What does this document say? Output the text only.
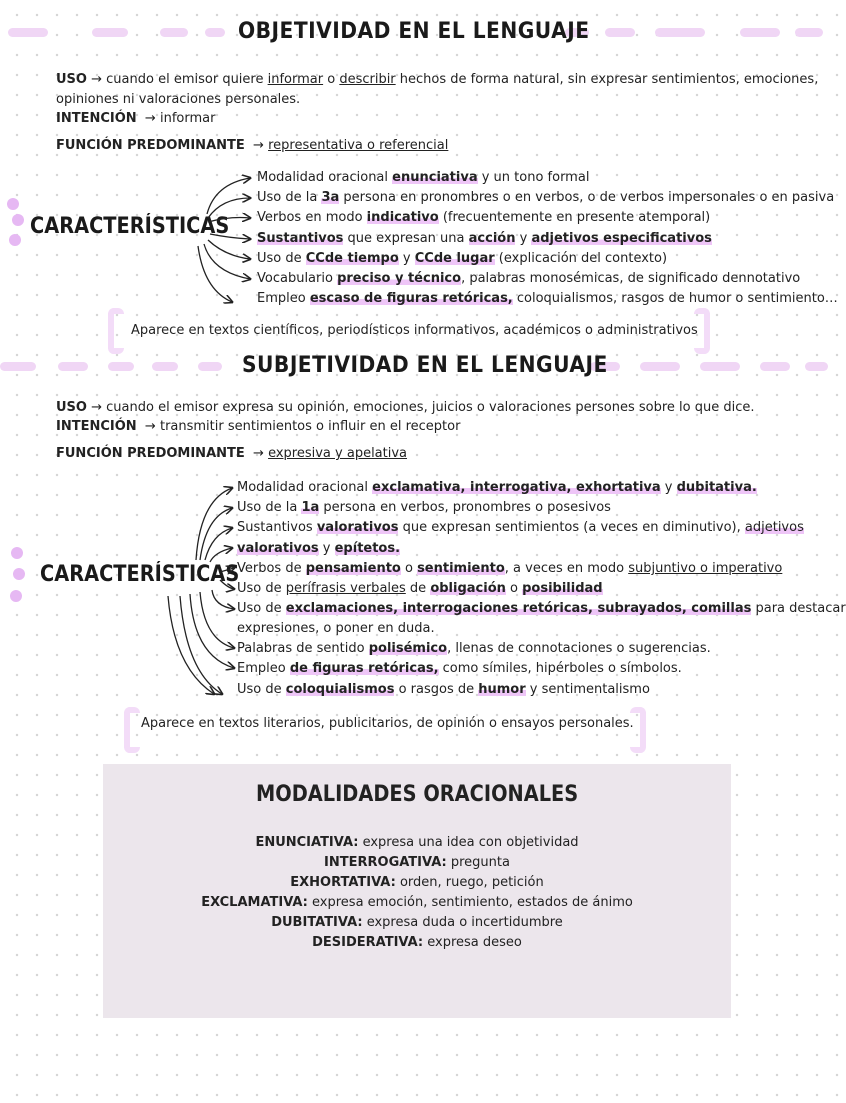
OBJETIVIDAD EN EL LENGUAJE
USO → cuando el emisor quiere informar o describir hechos de forma natural, sin expresar sentimientos, emociones,
opiniones ni valoraciones personales.
INTENCIÓN → informar
FUNCIÓN PREDOMINANTE → representativa o referencial
CARACTERÍSTICAS
Modalidad oracional enunciativa y un tono formal
Uso de la 3a persona en pronombres o en verbos, o de verbos impersonales o en pasiva
Verbos en modo indicativo (frecuentemente en presente atemporal)
Sustantivos que expresan una acción y adjetivos especificativos
Uso de CCde tiempo y CCde lugar (explicación del contexto)
Vocabulario preciso y técnico, palabras monosémicas, de significado dennotativo
Empleo escaso de figuras retóricas, coloquialismos, rasgos de humor o sentimiento…
Aparece en textos científicos, periodísticos informativos, académicos o administrativos
SUBJETIVIDAD EN EL LENGUAJE
USO → cuando el emisor expresa su opinión, emociones, juicios o valoraciones persones sobre lo que dice.
INTENCIÓN → transmitir sentimientos o influir en el receptor
FUNCIÓN PREDOMINANTE → expresiva y apelativa
CARACTERÍSTICAS
Modalidad oracional exclamativa, interrogativa, exhortativa y dubitativa.
Uso de la 1a persona en verbos, pronombres o posesivos
Sustantivos valorativos que expresan sentimientos (a veces en diminutivo), adjetivos
valorativos y epítetos.
Verbos de pensamiento o sentimiento, a veces en modo subjuntivo o imperativo
Uso de perífrasis verbales de obligación o posibilidad
Uso de exclamaciones, interrogaciones retóricas, subrayados, comillas para destacar
expresiones, o poner en duda.
Palabras de sentido polisémico, llenas de connotaciones o sugerencias.
Empleo de figuras retóricas, como símiles, hipérboles o símbolos.
Uso de coloquialismos o rasgos de humor y sentimentalismo
Aparece en textos literarios, publicitarios, de opinión o ensayos personales.
MODALIDADES ORACIONALES
ENUNCIATIVA: expresa una idea con objetividad
INTERROGATIVA: pregunta
EXHORTATIVA: orden, ruego, petición
EXCLAMATIVA: expresa emoción, sentimiento, estados de ánimo
DUBITATIVA: expresa duda o incertidumbre
DESIDERATIVA: expresa deseo
